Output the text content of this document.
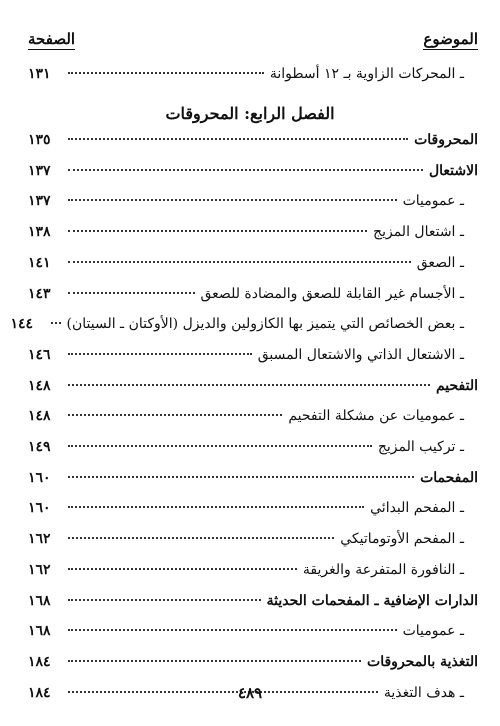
الموضوع
الصفحة
ـ المحركات الزاوية بـ ١٢ أسطوانة
١٣١
الفصل الرابع: المحروقات
المحروقات
١٣٥
الاشتعال
١٣٧
ـ عموميات
١٣٧
ـ اشتعال المزيج
١٣٨
ـ الصعق
١٤١
ـ الأجسام غير القابلة للصعق والمضادة للصعق
١٤٣
ـ بعض الخصائص التي يتميز بها الكازولين والديزل (الأوكتان ـ السيتان)
١٤٤
ـ الاشتعال الذاتي والاشتعال المسبق
١٤٦
التفحيم
١٤٨
ـ عموميات عن مشكلة التفحيم
١٤٨
ـ تركيب المزيج
١٤٩
المفحمات
١٦٠
ـ المفحم البدائي
١٦٠
ـ المفحم الأوتوماتيكي
١٦٢
ـ النافورة المتفرعة والغريقة
١٦٢
الدارات الإضافية ـ المفحمات الحديثة
١٦٨
ـ عموميات
١٦٨
التغذية بالمحروقات
١٨٤
ـ هدف التغذية
١٨٤	٤٨٩
